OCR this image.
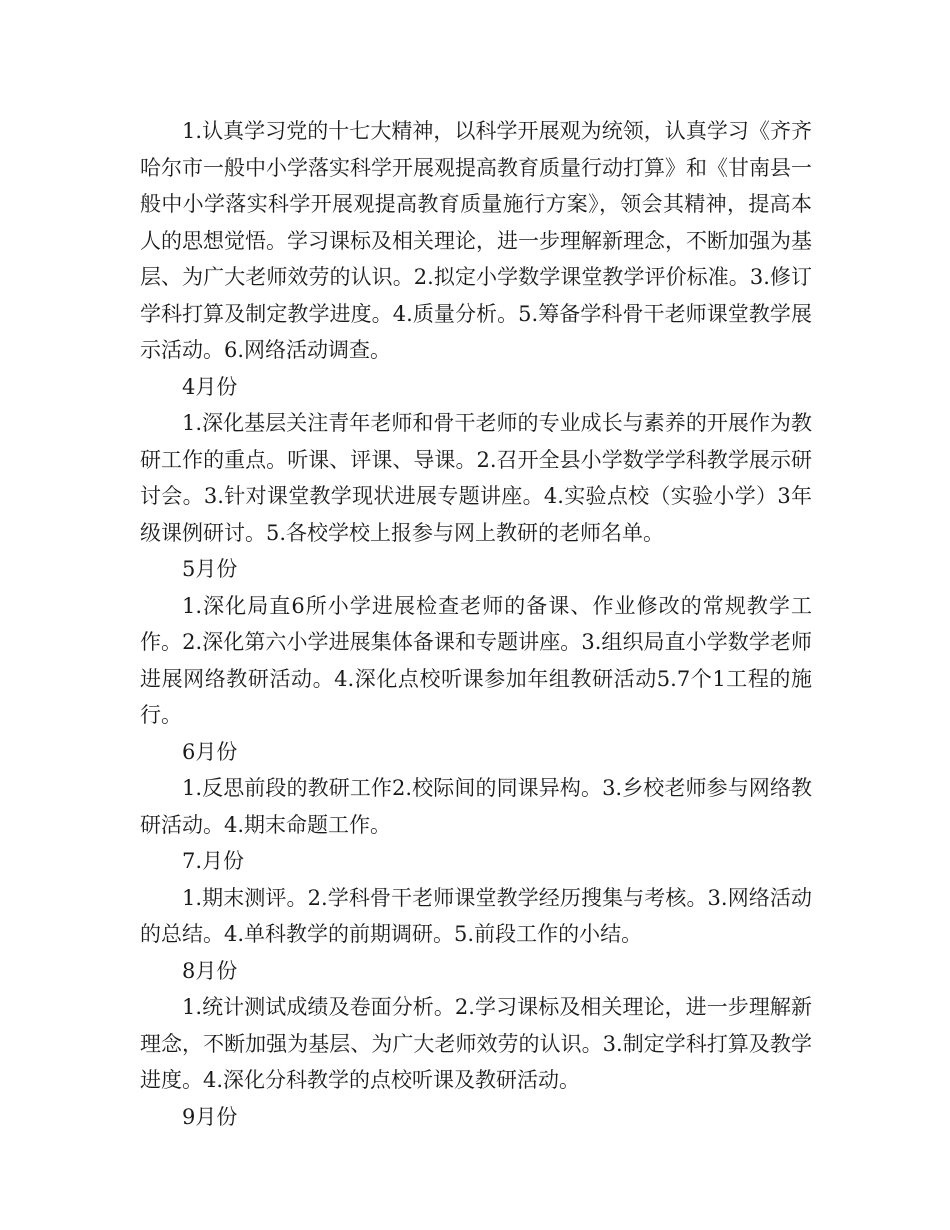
1.认真学习党的十七大精神，以科学开展观为统领，认真学习《齐齐哈尔市一般中小学落实科学开展观提高教育质量行动打算》和《甘南县一般中小学落实科学开展观提高教育质量施行方案》，领会其精神，提高本人的思想觉悟。学习课标及相关理论，进一步理解新理念，不断加强为基层、为广大老师效劳的认识。2.拟定小学数学课堂教学评价标准。3.修订学科打算及制定教学进度。4.质量分析。5.筹备学科骨干老师课堂教学展示活动。6.网络活动调查。

4月份

1.深化基层关注青年老师和骨干老师的专业成长与素养的开展作为教研工作的重点。听课、评课、导课。2.召开全县小学数学学科教学展示研讨会。3.针对课堂教学现状进展专题讲座。4.实验点校（实验小学）3年级课例研讨。5.各校学校上报参与网上教研的老师名单。

5月份

1.深化局直6所小学进展检查老师的备课、作业修改的常规教学工作。2.深化第六小学进展集体备课和专题讲座。3.组织局直小学数学老师进展网络教研活动。4.深化点校听课参加年组教研活动5.7个1工程的施行。

6月份

1.反思前段的教研工作2.校际间的同课异构。3.乡校老师参与网络教研活动。4.期末命题工作。

7.月份

1.期末测评。2.学科骨干老师课堂教学经历搜集与考核。3.网络活动的总结。4.单科教学的前期调研。5.前段工作的小结。

8月份

1.统计测试成绩及卷面分析。2.学习课标及相关理论，进一步理解新理念，不断加强为基层、为广大老师效劳的认识。3.制定学科打算及教学进度。4.深化分科教学的点校听课及教研活动。

9月份
